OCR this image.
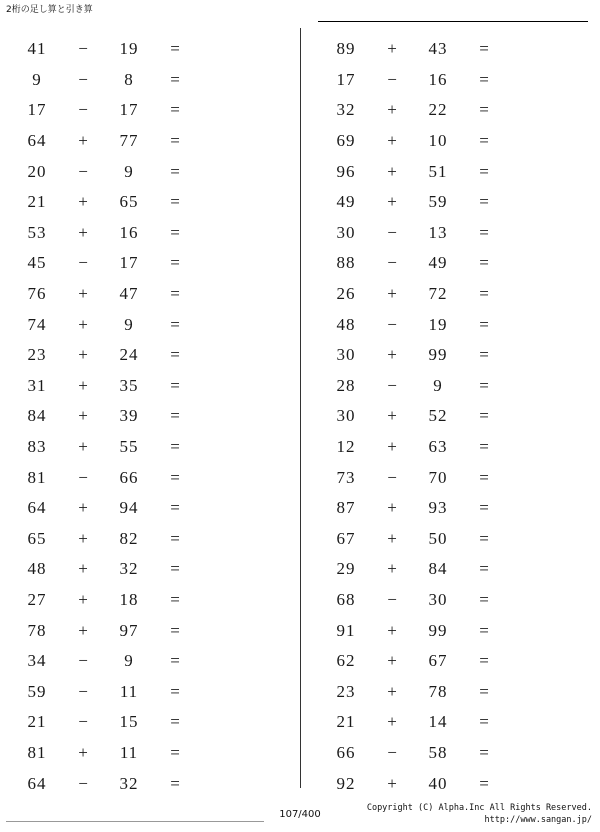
2桁の足し算と引き算
41	−	19	=
9	−	8	=
17	−	17	=
64	+	77	=
20	−	9	=
21	+	65	=
53	+	16	=
45	−	17	=
76	+	47	=
74	+	9	=
23	+	24	=
31	+	35	=
84	+	39	=
83	+	55	=
81	−	66	=
64	+	94	=
65	+	82	=
48	+	32	=
27	+	18	=
78	+	97	=
34	−	9	=
59	−	11	=
21	−	15	=
81	+	11	=
64	−	32	=
89	+	43	=
17	−	16	=
32	+	22	=
69	+	10	=
96	+	51	=
49	+	59	=
30	−	13	=
88	−	49	=
26	+	72	=
48	−	19	=
30	+	99	=
28	−	9	=
30	+	52	=
12	+	63	=
73	−	70	=
87	+	93	=
67	+	50	=
29	+	84	=
68	−	30	=
91	+	99	=
62	+	67	=
23	+	78	=
21	+	14	=
66	−	58	=
92	+	40	=
107/400
Copyright (C) Alpha.Inc All Rights Reserved.
http://www.sangan.jp/
